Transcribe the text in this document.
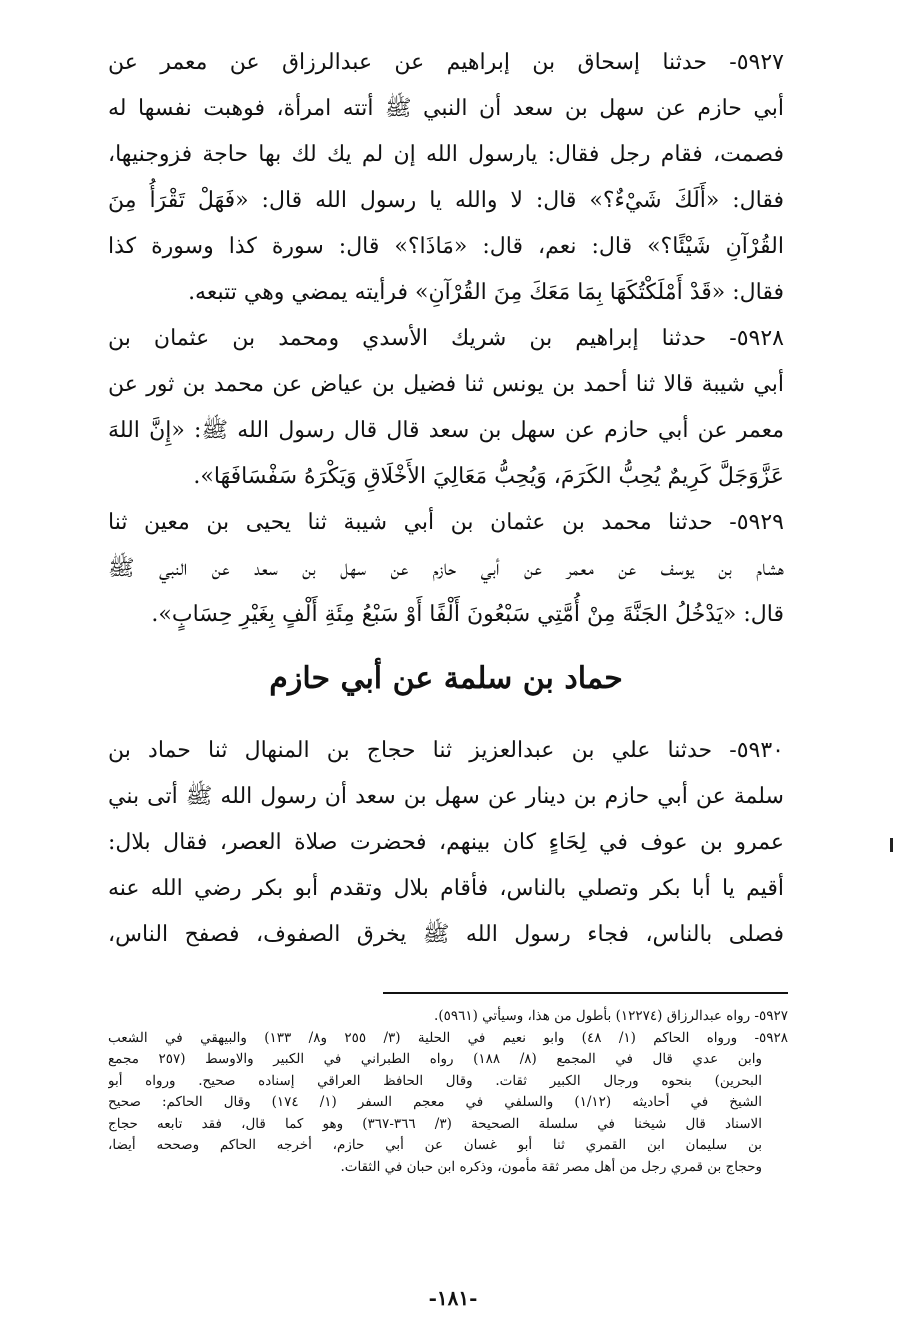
٥٩٢٧- حدثنا إسحاق بن إبراهيم عن عبدالرزاق عن معمر عن
أبي حازم عن سهل بن سعد أن النبي ﷺ أتته امرأة، فوهبت نفسها له
فصمت، فقام رجل فقال: يارسول الله إن لم يك لك بها حاجة فزوجنيها،
فقال: «أَلَكَ شَيْءٌ؟» قال: لا والله يا رسول الله قال: «فَهَلْ تَقْرَأُ مِنَ
القُرْآنِ شَيْئًا؟» قال: نعم، قال: «مَاذَا؟» قال: سورة كذا وسورة كذا
فقال: «قَدْ أَمْلَكْتُكَهَا بِمَا مَعَكَ مِنَ القُرْآنِ» فرأيته يمضي وهي تتبعه.
٥٩٢٨- حدثنا إبراهيم بن شريك الأسدي ومحمد بن عثمان بن
أبي شيبة قالا ثنا أحمد بن يونس ثنا فضيل بن عياض عن محمد بن ثور عن
معمر عن أبي حازم عن سهل بن سعد قال قال رسول الله ﷺ: «إِنَّ اللهَ
عَزَّوَجَلَّ كَرِيمٌ يُحِبُّ الكَرَمَ، وَيُحِبُّ مَعَالِيَ الأَخْلَاقِ وَيَكْرَهُ سَفْسَافَهَا».
٥٩٢٩- حدثنا محمد بن عثمان بن أبي شيبة ثنا يحيى بن معين ثنا
هشام بن يوسف عن معمر عن أبي حازم عن سهل بن سعد عن النبي ﷺ
قال: «يَدْخُلُ الجَنَّةَ مِنْ أُمَّتِي سَبْعُونَ أَلْفًا أَوْ سَبْعُ مِئَةِ أَلْفٍ بِغَيْرِ حِسَابٍ».
حماد بن سلمة عن أبي حازم
٥٩٣٠- حدثنا علي بن عبدالعزيز ثنا حجاج بن المنهال ثنا حماد بن
سلمة عن أبي حازم بن دينار عن سهل بن سعد أن رسول الله ﷺ أتى بني
عمرو بن عوف في لِحَاءٍ كان بينهم، فحضرت صلاة العصر، فقال بلال:
أقيم يا أبا بكر وتصلي بالناس، فأقام بلال وتقدم أبو بكر رضي الله عنه
فصلى بالناس، فجاء رسول الله ﷺ يخرق الصفوف، فصفح الناس،
٥٩٢٧- رواه عبدالرزاق (١٢٢٧٤) بأطول من هذا، وسيأتي (٥٩٦١).
٥٩٢٨- ورواه الحاكم (١/ ٤٨) وابو نعيم في الحلية (٣/ ٢٥٥ و٨/ ١٣٣) والبيهقي في الشعب
وابن عدي قال في المجمع (٨/ ١٨٨) رواه الطبراني في الكبير والاوسط (٢٥٧ مجمع
البحرين) بنحوه ورجال الكبير ثقات. وقال الحافظ العراقي إسناده صحيح. ورواه أبو
الشيخ في أحاديثه (١/١٢) والسلفي في معجم السفر (١/ ١٧٤) وقال الحاكم: صحيح
الاسناد قال شيخنا في سلسلة الصحيحة (٣/ ٣٦٦-٣٦٧) وهو كما قال، فقد تابعه حجاج
بن سليمان ابن القمري ثنا أبو غسان عن أبي حازم، أخرجه الحاكم وصححه أيضا،
وحجاج بن قمري رجل من أهل مصر ثقة مأمون، وذكره ابن حبان في الثقات.
-١٨١-
